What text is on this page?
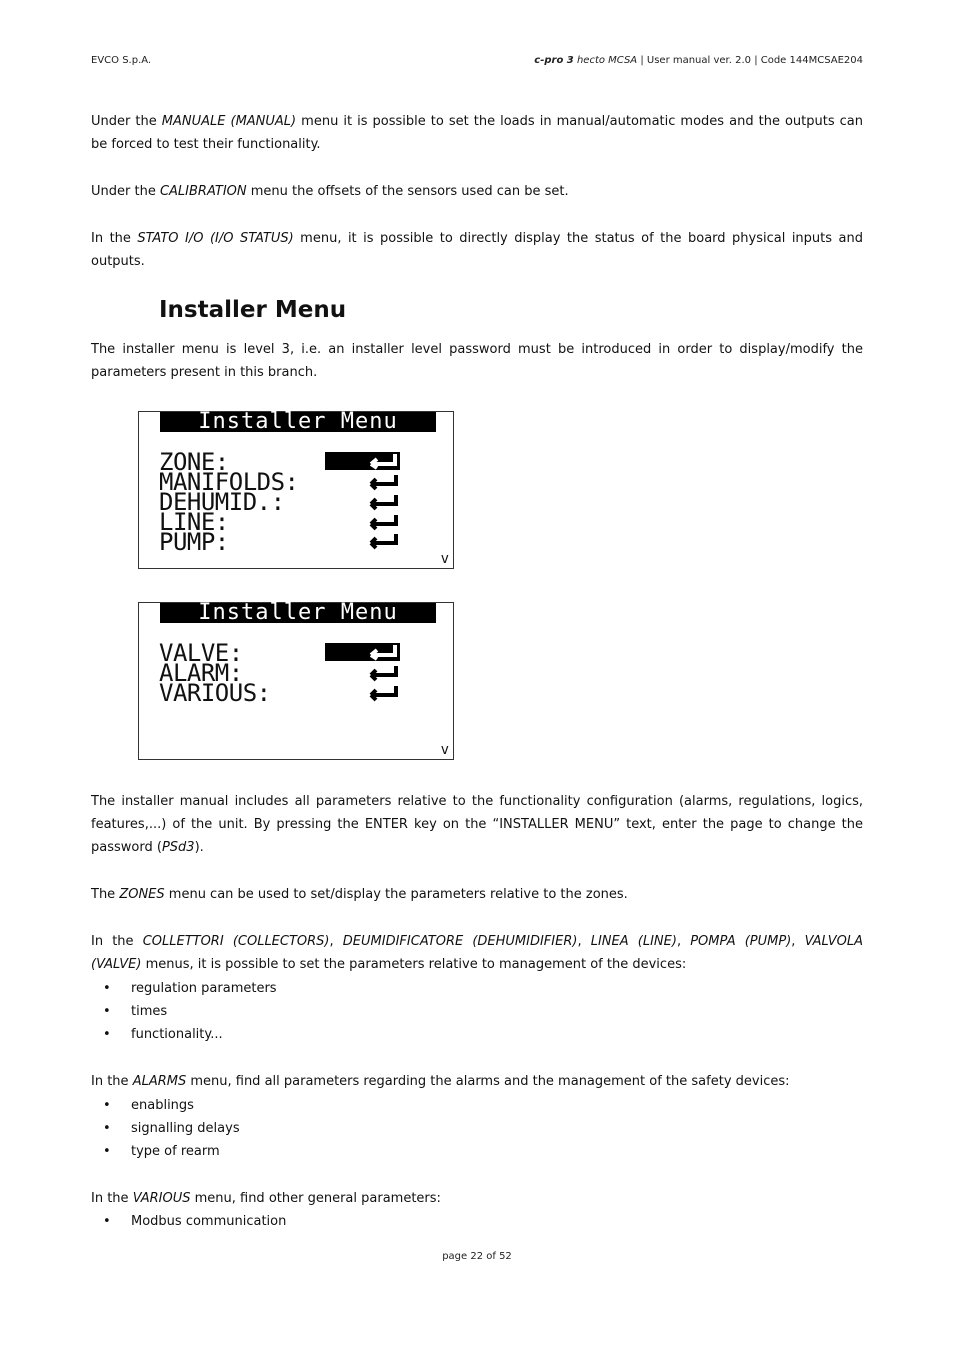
EVCO S.p.A.	c-pro 3 hecto MCSA | User manual ver. 2.0 | Code 144MCSAE204

Under the MANUALE (MANUAL) menu it is possible to set the loads in manual/automatic modes and the outputs can be forced to test their functionality.

Under the CALIBRATION menu the offsets of the sensors used can be set.

In the STATO I/O (I/O STATUS) menu, it is possible to directly display the status of the board physical inputs and outputs.

Installer Menu

The installer menu is level 3, i.e. an installer level password must be introduced in order to display/modify the parameters present in this branch.

Installer Menu
ZONE:
MANIFOLDS:
DEHUMID.:
LINE:
PUMP:
v
Installer Menu
VALVE:
ALARM:
VARIOUS:
v

The installer manual includes all parameters relative to the functionality configuration (alarms, regulations, logics, features,...) of the unit. By pressing the ENTER key on the “INSTALLER MENU” text, enter the page to change the password (PSd3).

The ZONES menu can be used to set/display the parameters relative to the zones.

In the COLLETTORI (COLLECTORS), DEUMIDIFICATORE (DEHUMIDIFIER), LINEA (LINE), POMPA (PUMP), VALVOLA (VALVE) menus, it is possible to set the parameters relative to management of the devices:

• regulation parameters
• times
• functionality...

In the ALARMS menu, find all parameters regarding the alarms and the management of the safety devices:

• enablings
• signalling delays
• type of rearm

In the VARIOUS menu, find other general parameters:

• Modbus communication
page 22 of 52
